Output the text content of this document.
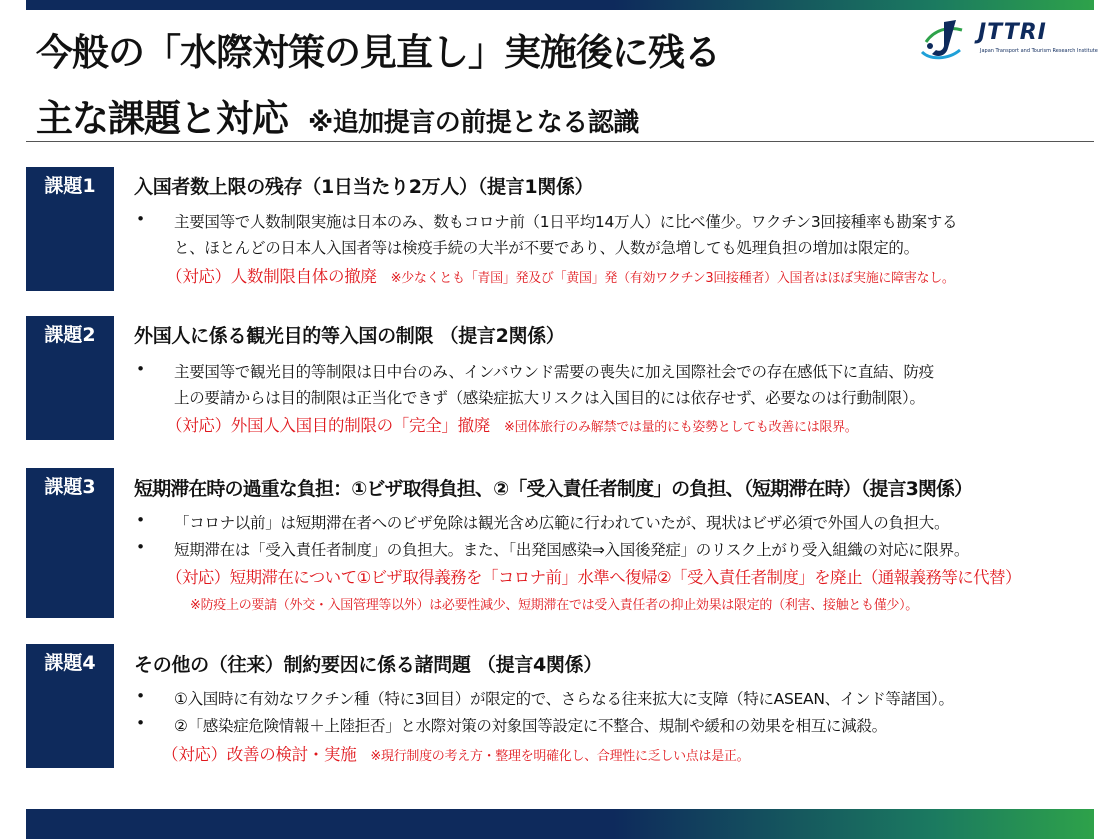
今般の「水際対策の見直し」実施後に残る
主な課題と対応 ※追加提言の前提となる認識
JTTRI
Japan Transport and Tourism Research Institute
課題1	入国者数上限の残存（1日当たり2万人）（提言1関係）
•	主要国等で人数制限実施は日本のみ、数もコロナ前（1日平均14万人）に比べ僅少。ワクチン3回接種率も勘案する
と、ほとんどの日本人入国者等は検疫手続の大半が不要であり、人数が急増しても処理負担の増加は限定的。
（対応）人数制限自体の撤廃 ※少なくとも「青国」発及び「黄国」発（有効ワクチン3回接種者）入国者はほぼ実施に障害なし。
課題2	外国人に係る観光目的等入国の制限 （提言2関係）
•	主要国等で観光目的等制限は日中台のみ、インバウンド需要の喪失に加え国際社会での存在感低下に直結、防疫
上の要請からは目的制限は正当化できず（感染症拡大リスクは入国目的には依存せず、必要なのは行動制限）。
（対応）外国人入国目的制限の「完全」撤廃 ※団体旅行のみ解禁では量的にも姿勢としても改善には限界。
課題3	短期滞在時の過重な負担：①ビザ取得負担、②「受入責任者制度」の負担、（短期滞在時）（提言3関係）
•	「コロナ以前」は短期滞在者へのビザ免除は観光含め広範に行われていたが、現状はビザ必須で外国人の負担大。
•	短期滞在は「受入責任者制度」の負担大。また、「出発国感染⇒入国後発症」のリスク上がり受入組織の対応に限界。
（対応）短期滞在について①ビザ取得義務を「コロナ前」水準へ復帰②「受入責任者制度」を廃止（通報義務等に代替）
※防疫上の要請（外交・入国管理等以外）は必要性減少、短期滞在では受入責任者の抑止効果は限定的（利害、接触とも僅少）。
課題4	その他の（往来）制約要因に係る諸問題 （提言4関係）
•	①入国時に有効なワクチン種（特に3回目）が限定的で、さらなる往来拡大に支障（特にASEAN、インド等諸国）。
•	②「感染症危険情報＋上陸拒否」と水際対策の対象国等設定に不整合、規制や緩和の効果を相互に減殺。
（対応）改善の検討・実施 ※現行制度の考え方・整理を明確化し、合理性に乏しい点は是正。
